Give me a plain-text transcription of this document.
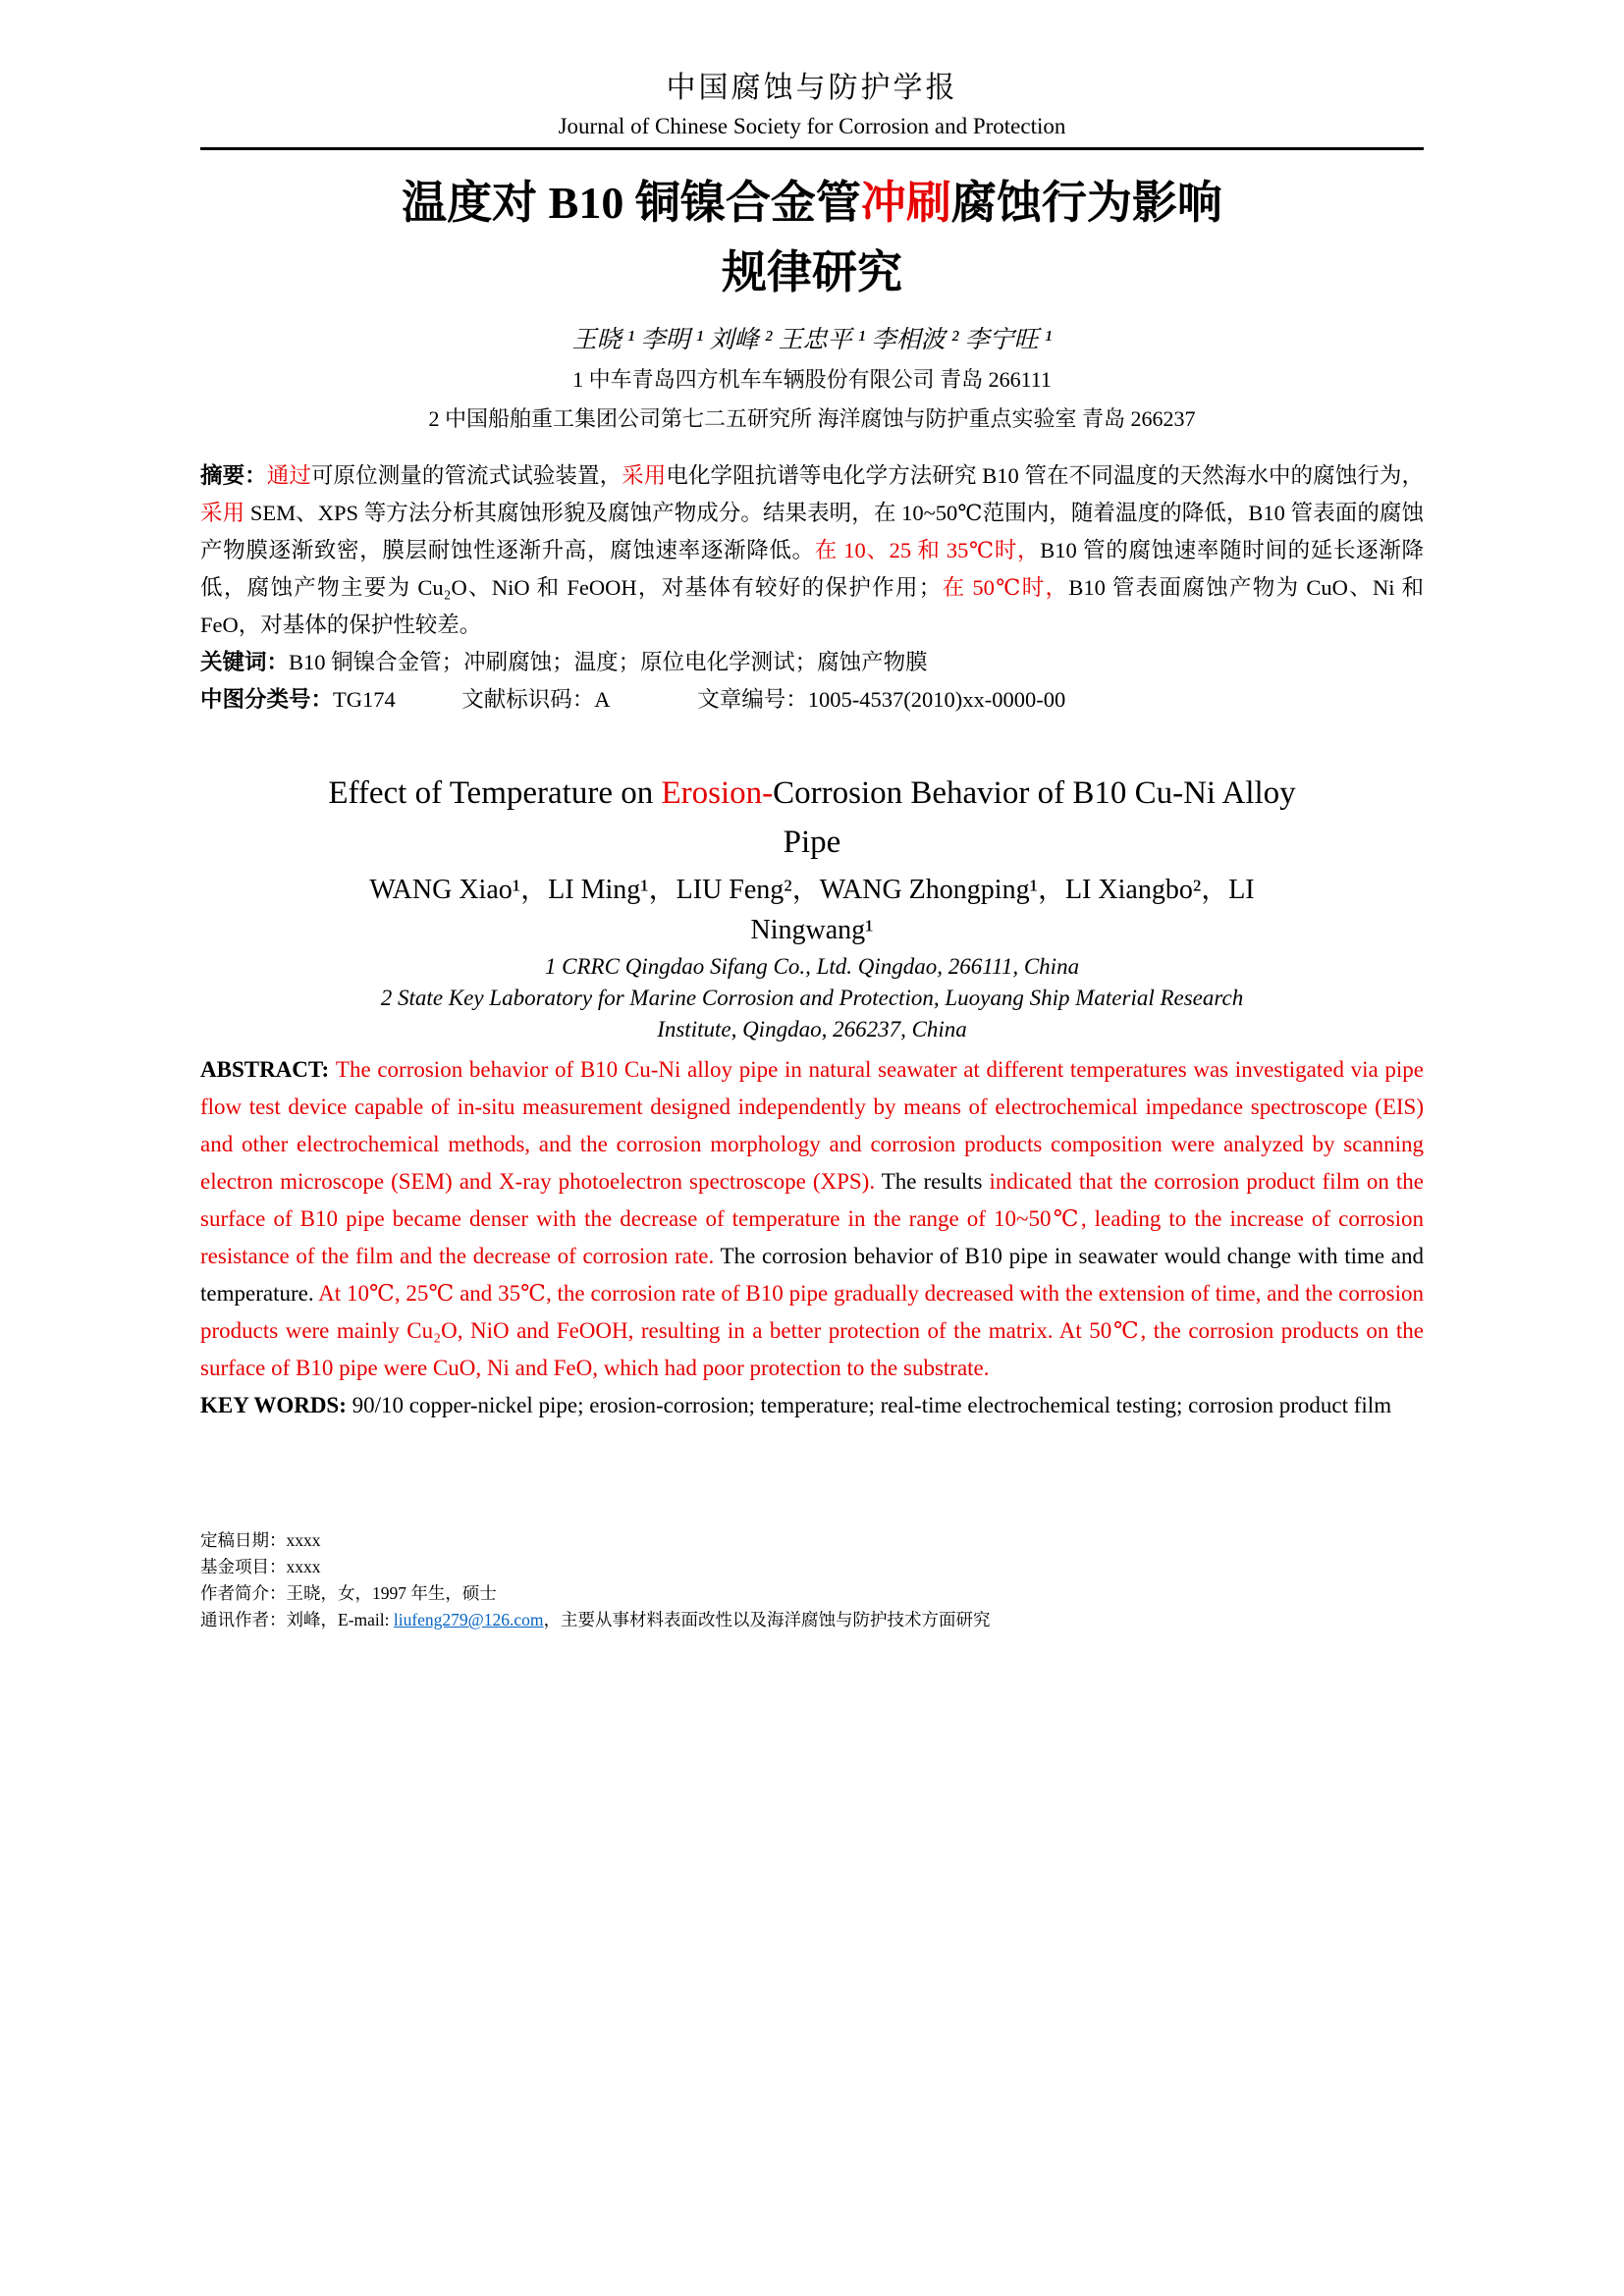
中国腐蚀与防护学报
Journal of Chinese Society for Corrosion and Protection
温度对 B10 铜镍合金管冲刷腐蚀行为影响
规律研究
王晓 ¹ 李明 ¹ 刘峰 ² 王忠平 ¹ 李相波 ² 李宁旺 ¹
1 中车青岛四方机车车辆股份有限公司 青岛 266111
2 中国船舶重工集团公司第七二五研究所 海洋腐蚀与防护重点实验室 青岛 266237

摘要：通过可原位测量的管流式试验装置，采用电化学阻抗谱等电化学方法研究 B10 管在不同温度的天然海水中的腐蚀行为，采用 SEM、XPS 等方法分析其腐蚀形貌及腐蚀产物成分。结果表明，在 10~50℃范围内，随着温度的降低，B10 管表面的腐蚀产物膜逐渐致密，膜层耐蚀性逐渐升高，腐蚀速率逐渐降低。在 10、25 和 35℃时，B10 管的腐蚀速率随时间的延长逐渐降低，腐蚀产物主要为 Cu₂O、NiO 和 FeOOH，对基体有较好的保护作用；在 50℃时，B10 管表面腐蚀产物为 CuO、Ni 和 FeO，对基体的保护性较差。

关键词：B10 铜镍合金管；冲刷腐蚀；温度；原位电化学测试；腐蚀产物膜
中图分类号：TG174　　　文献标识码：A　　　　文章编号：1005-4537(2010)xx-0000-00
Effect of Temperature on Erosion-Corrosion Behavior of B10 Cu-Ni Alloy
Pipe
WANG Xiao¹，LI Ming¹，LIU Feng²，WANG Zhongping¹，LI Xiangbo²，LI
Ningwang¹
1 CRRC Qingdao Sifang Co., Ltd. Qingdao, 266111, China
2 State Key Laboratory for Marine Corrosion and Protection, Luoyang Ship Material Research
Institute, Qingdao, 266237, China

ABSTRACT: The corrosion behavior of B10 Cu-Ni alloy pipe in natural seawater at different temperatures was investigated via pipe flow test device capable of in-situ measurement designed independently by means of electrochemical impedance spectroscope (EIS) and other electrochemical methods, and the corrosion morphology and corrosion products composition were analyzed by scanning electron microscope (SEM) and X-ray photoelectron spectroscope (XPS). The results indicated that the corrosion product film on the surface of B10 pipe became denser with the decrease of temperature in the range of 10~50℃, leading to the increase of corrosion resistance of the film and the decrease of corrosion rate. The corrosion behavior of B10 pipe in seawater would change with time and temperature. At 10℃, 25℃ and 35℃, the corrosion rate of B10 pipe gradually decreased with the extension of time, and the corrosion products were mainly Cu₂O, NiO and FeOOH, resulting in a better protection of the matrix. At 50℃, the corrosion products on the surface of B10 pipe were CuO, Ni and FeO, which had poor protection to the substrate.

KEY WORDS: 90/10 copper-nickel pipe; erosion-corrosion; temperature; real-time electrochemical testing; corrosion product film

定稿日期：xxxx
基金项目：xxxx
作者简介：王晓，女，1997 年生，硕士
通讯作者：刘峰，E-mail: liufeng279@126.com，主要从事材料表面改性以及海洋腐蚀与防护技术方面研究
